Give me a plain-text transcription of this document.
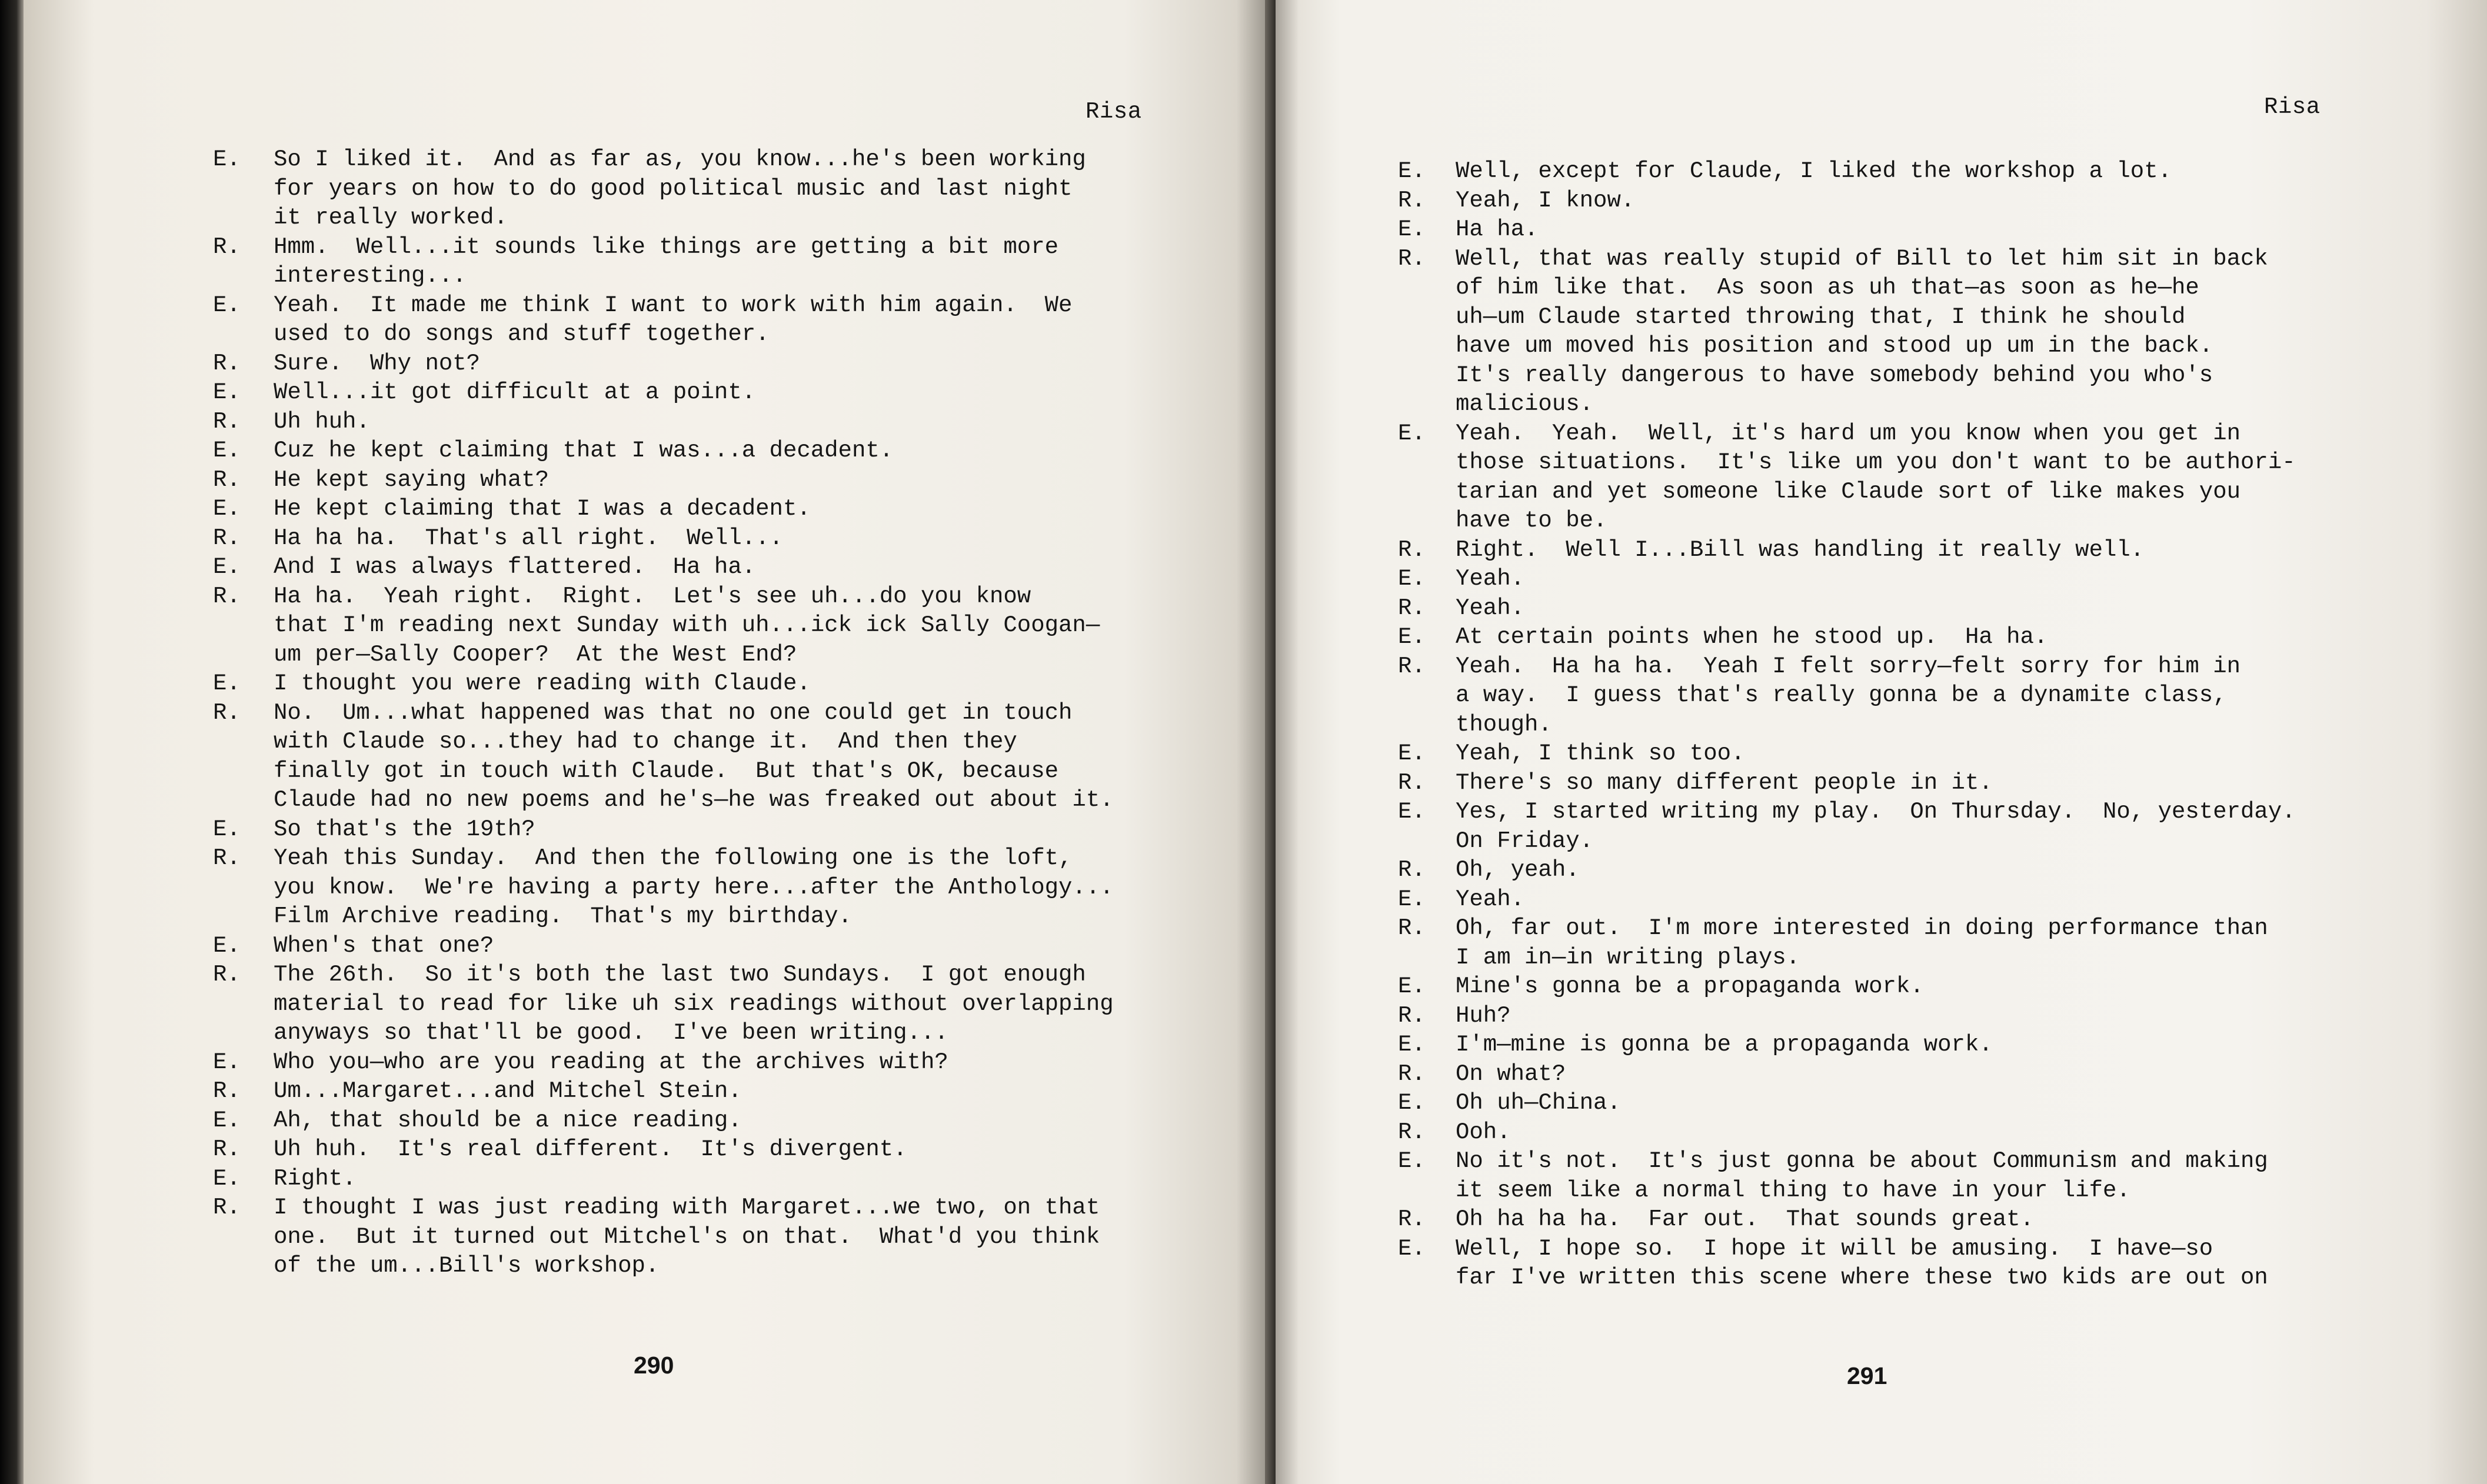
Risa
E. So I liked it.  And as far as, you know...he's been working
for years on how to do good political music and last night
it really worked.
R. Hmm.  Well...it sounds like things are getting a bit more
interesting...
E. Yeah.  It made me think I want to work with him again.  We
used to do songs and stuff together.
R. Sure.  Why not?
E. Well...it got difficult at a point.
R. Uh huh.
E. Cuz he kept claiming that I was...a decadent.
R. He kept saying what?
E. He kept claiming that I was a decadent.
R. Ha ha ha.  That's all right.  Well...
E. And I was always flattered.  Ha ha.
R. Ha ha.  Yeah right.  Right.  Let's see uh...do you know
that I'm reading next Sunday with uh...ick ick Sally Coogan—
um per—Sally Cooper?  At the West End?
E. I thought you were reading with Claude.
R. No.  Um...what happened was that no one could get in touch
with Claude so...they had to change it.  And then they
finally got in touch with Claude.  But that's OK, because
Claude had no new poems and he's—he was freaked out about it.
E. So that's the 19th?
R. Yeah this Sunday.  And then the following one is the loft,
you know.  We're having a party here...after the Anthology...
Film Archive reading.  That's my birthday.
E. When's that one?
R. The 26th.  So it's both the last two Sundays.  I got enough
material to read for like uh six readings without overlapping
anyways so that'll be good.  I've been writing...
E. Who you—who are you reading at the archives with?
R. Um...Margaret...and Mitchel Stein.
E. Ah, that should be a nice reading.
R. Uh huh.  It's real different.  It's divergent.
E. Right.
R. I thought I was just reading with Margaret...we two, on that
one.  But it turned out Mitchel's on that.  What'd you think
of the um...Bill's workshop.
290
Risa
E. Well, except for Claude, I liked the workshop a lot.
R. Yeah, I know.
E. Ha ha.
R. Well, that was really stupid of Bill to let him sit in back
of him like that.  As soon as uh that—as soon as he—he
uh—um Claude started throwing that, I think he should
have um moved his position and stood up um in the back.
It's really dangerous to have somebody behind you who's
malicious.
E. Yeah.  Yeah.  Well, it's hard um you know when you get in
those situations.  It's like um you don't want to be authori-
tarian and yet someone like Claude sort of like makes you
have to be.
R. Right.  Well I...Bill was handling it really well.
E. Yeah.
R. Yeah.
E. At certain points when he stood up.  Ha ha.
R. Yeah.  Ha ha ha.  Yeah I felt sorry—felt sorry for him in
a way.  I guess that's really gonna be a dynamite class,
though.
E. Yeah, I think so too.
R. There's so many different people in it.
E. Yes, I started writing my play.  On Thursday.  No, yesterday.
On Friday.
R. Oh, yeah.
E. Yeah.
R. Oh, far out.  I'm more interested in doing performance than
I am in—in writing plays.
E. Mine's gonna be a propaganda work.
R. Huh?
E. I'm—mine is gonna be a propaganda work.
R. On what?
E. Oh uh—China.
R. Ooh.
E. No it's not.  It's just gonna be about Communism and making
it seem like a normal thing to have in your life.
R. Oh ha ha ha.  Far out.  That sounds great.
E. Well, I hope so.  I hope it will be amusing.  I have—so
far I've written this scene where these two kids are out on
291
